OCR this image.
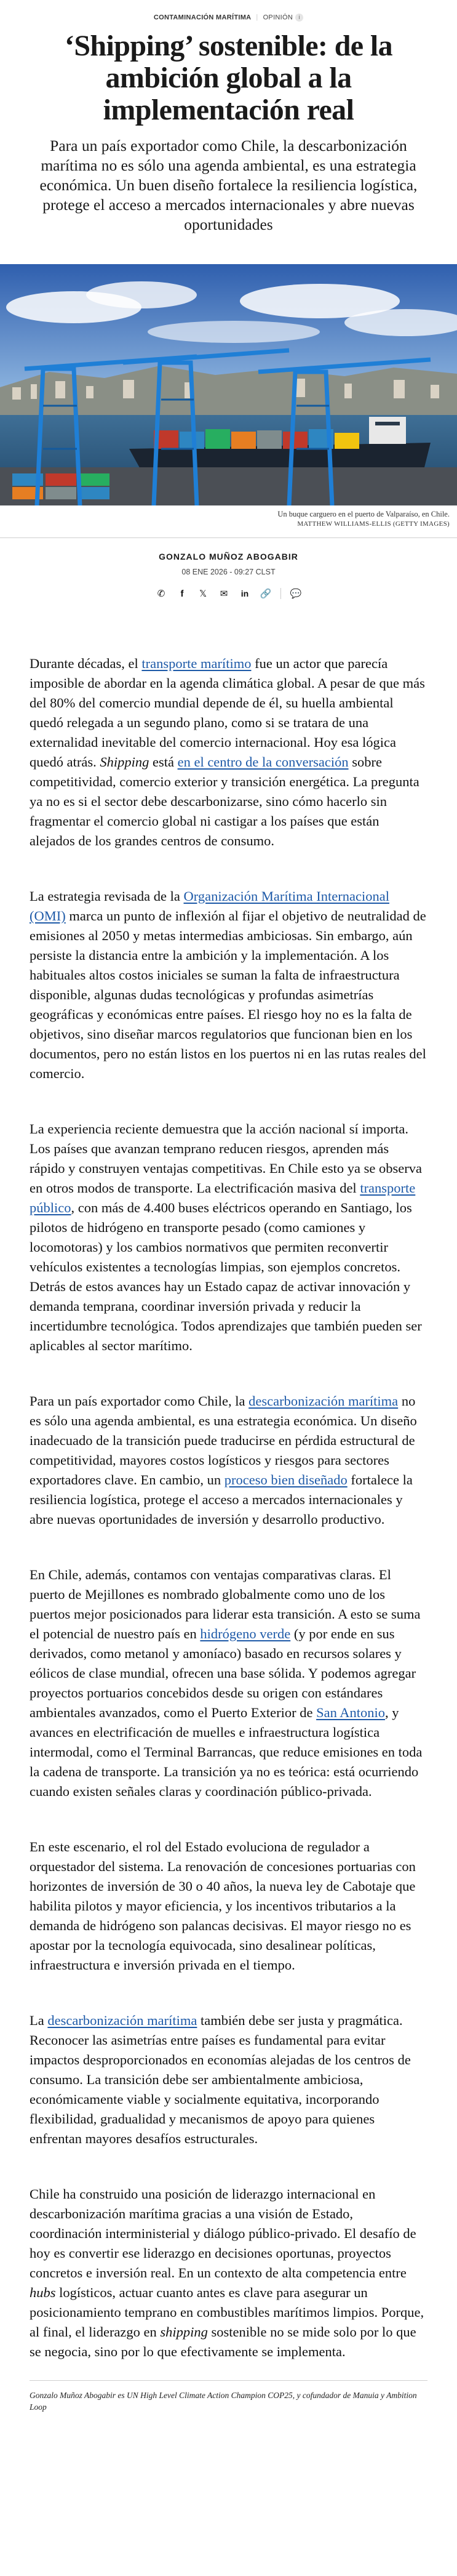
CONTAMINACIÓN MARÍTIMA | OPINIÓN i
‘Shipping’ sostenible: de la ambición global a la implementación real
Para un país exportador como Chile, la descarbonización marítima no es sólo una agenda ambiental, es una estrategia económica. Un buen diseño fortalece la resiliencia logística, protege el acceso a mercados internacionales y abre nuevas oportunidades
Un buque carguero en el puerto de Valparaíso, en Chile.
MATTHEW WILLIAMS-ELLIS (GETTY IMAGES)
GONZALO MUÑOZ ABOGABIR
08 ENE 2026 - 09:27 CLST
✆	f	𝕏 ✉ in 🔗 💬

Durante décadas, el transporte marítimo fue un actor que parecía imposible de abordar en la agenda climática global. A pesar de que más del 80% del comercio mundial depende de él, su huella ambiental quedó relegada a un segundo plano, como si se tratara de una externalidad inevitable del comercio internacional. Hoy esa lógica quedó atrás. Shipping está en el centro de la conversación sobre competitividad, comercio exterior y transición energética. La pregunta ya no es si el sector debe descarbonizarse, sino cómo hacerlo sin fragmentar el comercio global ni castigar a los países que están alejados de los grandes centros de consumo.

La estrategia revisada de la Organización Marítima Internacional (OMI) marca un punto de inflexión al fijar el objetivo de neutralidad de emisiones al 2050 y metas intermedias ambiciosas. Sin embargo, aún persiste la distancia entre la ambición y la implementación. A los habituales altos costos iniciales se suman la falta de infraestructura disponible, algunas dudas tecnológicas y profundas asimetrías geográficas y económicas entre países. El riesgo hoy no es la falta de objetivos, sino diseñar marcos regulatorios que funcionan bien en los documentos, pero no están listos en los puertos ni en las rutas reales del comercio.

La experiencia reciente demuestra que la acción nacional sí importa. Los países que avanzan temprano reducen riesgos, aprenden más rápido y construyen ventajas competitivas. En Chile esto ya se observa en otros modos de transporte. La electrificación masiva del transporte público, con más de 4.400 buses eléctricos operando en Santiago, los pilotos de hidrógeno en transporte pesado (como camiones y locomotoras) y los cambios normativos que permiten reconvertir vehículos existentes a tecnologías limpias, son ejemplos concretos. Detrás de estos avances hay un Estado capaz de activar innovación y demanda temprana, coordinar inversión privada y reducir la incertidumbre tecnológica. Todos aprendizajes que también pueden ser aplicables al sector marítimo.

Para un país exportador como Chile, la descarbonización marítima no es sólo una agenda ambiental, es una estrategia económica. Un diseño inadecuado de la transición puede traducirse en pérdida estructural de competitividad, mayores costos logísticos y riesgos para sectores exportadores clave. En cambio, un proceso bien diseñado fortalece la resiliencia logística, protege el acceso a mercados internacionales y abre nuevas oportunidades de inversión y desarrollo productivo.

En Chile, además, contamos con ventajas comparativas claras. El puerto de Mejillones es nombrado globalmente como uno de los puertos mejor posicionados para liderar esta transición. A esto se suma el potencial de nuestro país en hidrógeno verde (y por ende en sus derivados, como metanol y amoníaco) basado en recursos solares y eólicos de clase mundial, ofrecen una base sólida. Y podemos agregar proyectos portuarios concebidos desde su origen con estándares ambientales avanzados, como el Puerto Exterior de San Antonio, y avances en electrificación de muelles e infraestructura logística intermodal, como el Terminal Barrancas, que reduce emisiones en toda la cadena de transporte. La transición ya no es teórica: está ocurriendo cuando existen señales claras y coordinación público-privada.

En este escenario, el rol del Estado evoluciona de regulador a orquestador del sistema. La renovación de concesiones portuarias con horizontes de inversión de 30 o 40 años, la nueva ley de Cabotaje que habilita pilotos y mayor eficiencia, y los incentivos tributarios a la demanda de hidrógeno son palancas decisivas. El mayor riesgo no es apostar por la tecnología equivocada, sino desalinear políticas, infraestructura e inversión privada en el tiempo.

La descarbonización marítima también debe ser justa y pragmática. Reconocer las asimetrías entre países es fundamental para evitar impactos desproporcionados en economías alejadas de los centros de consumo. La transición debe ser ambientalmente ambiciosa, económicamente viable y socialmente equitativa, incorporando flexibilidad, gradualidad y mecanismos de apoyo para quienes enfrentan mayores desafíos estructurales.

Chile ha construido una posición de liderazgo internacional en descarbonización marítima gracias a una visión de Estado, coordinación interministerial y diálogo público-privado. El desafío de hoy es convertir ese liderazgo en decisiones oportunas, proyectos concretos e inversión real. En un contexto de alta competencia entre hubs logísticos, actuar cuanto antes es clave para asegurar un posicionamiento temprano en combustibles marítimos limpios. Porque, al final, el liderazgo en shipping sostenible no se mide solo por lo que se negocia, sino por lo que efectivamente se implementa.

Gonzalo Muñoz Abogabir es UN High Level Climate Action Champion COP25, y cofundador de Manuia y Ambition Loop
